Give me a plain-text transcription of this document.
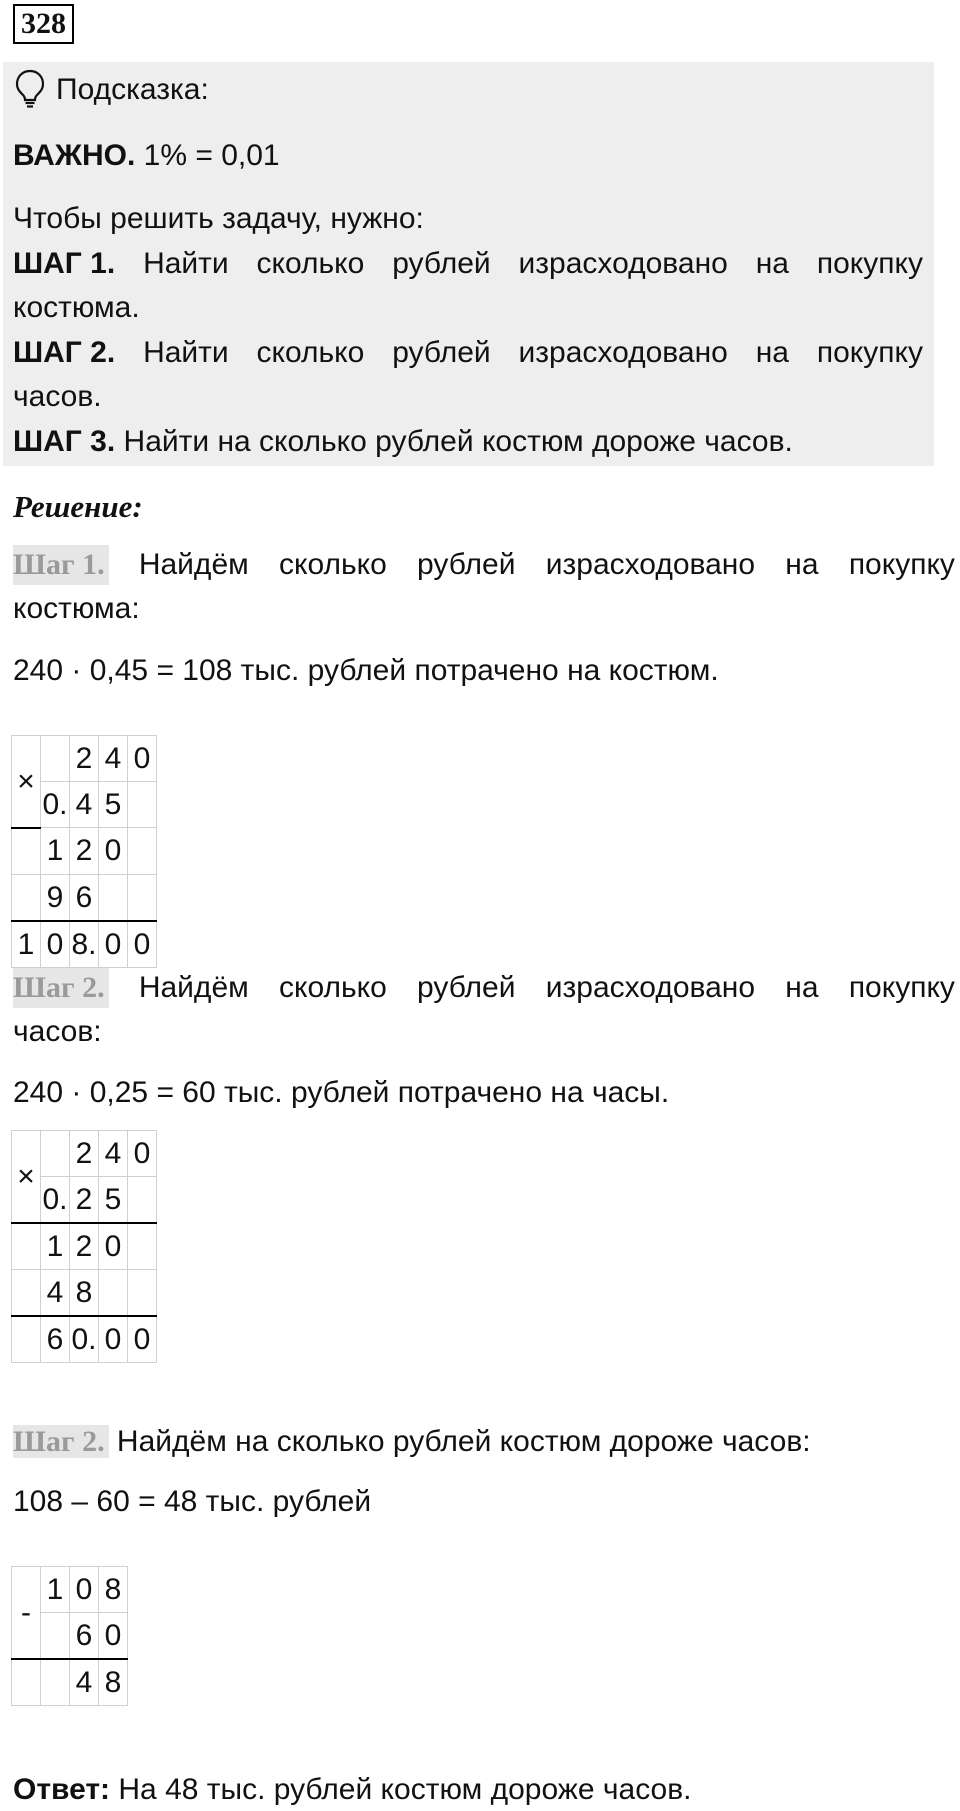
328
Подсказка:
ВАЖНО. 1% = 0,01
Чтобы решить задачу, нужно:
ШАГ 1. Найти сколько рублей израсходовано на покупку
костюма.
ШАГ 2. Найти сколько рублей израсходовано на покупку
часов.
ШАГ 3. Найти на сколько рублей костюм дороже часов.
Решение:
Шаг 1. Найдём сколько рублей израсходовано на покупку
костюма:
240 · 0,45 = 108 тыс. рублей потрачено на костюм.
×		2	4	0
	0.	4	5	
	1	2	0	
	9	6		
1	0	8.	0	0
Шаг 2. Найдём сколько рублей израсходовано на покупку
часов:
240 · 0,25 = 60 тыс. рублей потрачено на часы.
×		2	4	0
	0.	2	5	
	1	2	0	
	4	8		
	6	0.	0	0
Шаг 2. Найдём на сколько рублей костюм дороже часов:
108 – 60 = 48 тыс. рублей
-	1	0	8
		6	0
		4	8
Ответ: На 48 тыс. рублей костюм дороже часов.
